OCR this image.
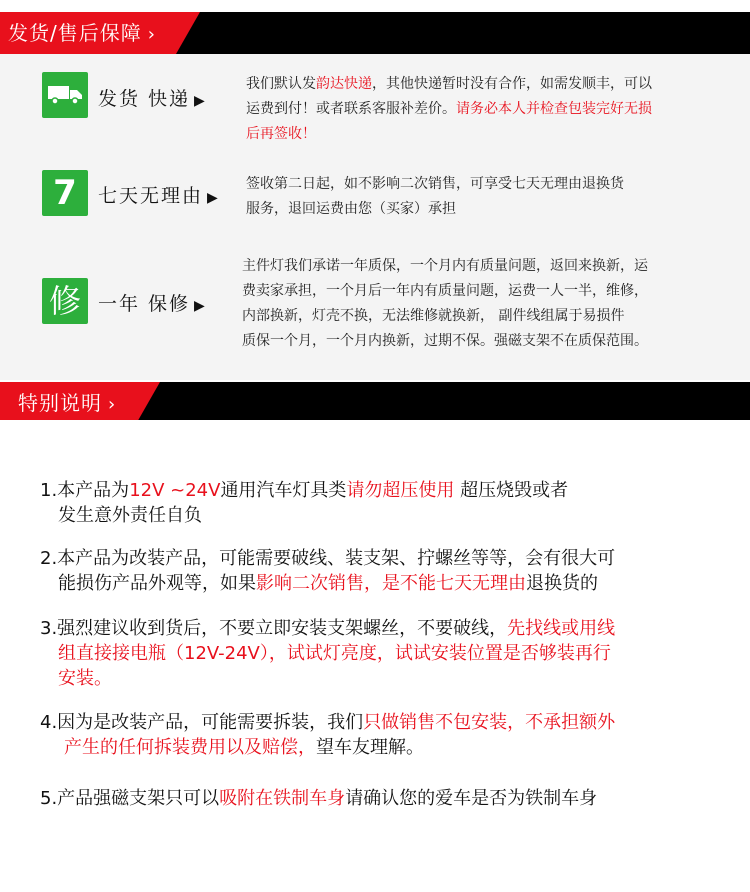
发货/售后保障 ›
发货 快递 ▶
我们默认发韵达快递，其他快递暂时没有合作，如需发顺丰，可以
运费到付！或者联系客服补差价。请务必本人并检查包装完好无损
后再签收！
7 七天无理由 ▶
签收第二日起，如不影响二次销售，可享受七天无理由退换货
服务，退回运费由您（买家）承担
修 一年 保修 ▶
主件灯我们承诺一年质保，一个月内有质量问题，返回来换新，运
费卖家承担，一个月后一年内有质量问题，运费一人一半，维修，
内部换新，灯壳不换，无法维修就换新， 副件线组属于易损件
质保一个月，一个月内换新，过期不保。强磁支架不在质保范围。
特别说明 ›
1.本产品为12V ~24V通用汽车灯具类请勿超压使用 超压烧毁或者
发生意外责任自负
2.本产品为改装产品，可能需要破线、装支架、拧螺丝等等，会有很大可
能损伤产品外观等，如果影响二次销售，是不能七天无理由退换货的
3.强烈建议收到货后，不要立即安装支架螺丝，不要破线，先找线或用线
组直接接电瓶（12V-24V），试试灯亮度，试试安装位置是否够装再行
安装。
4.因为是改装产品，可能需要拆装，我们只做销售不包安装，不承担额外
产生的任何拆装费用以及赔偿，望车友理解。
5.产品强磁支架只可以吸附在铁制车身请确认您的爱车是否为铁制车身
